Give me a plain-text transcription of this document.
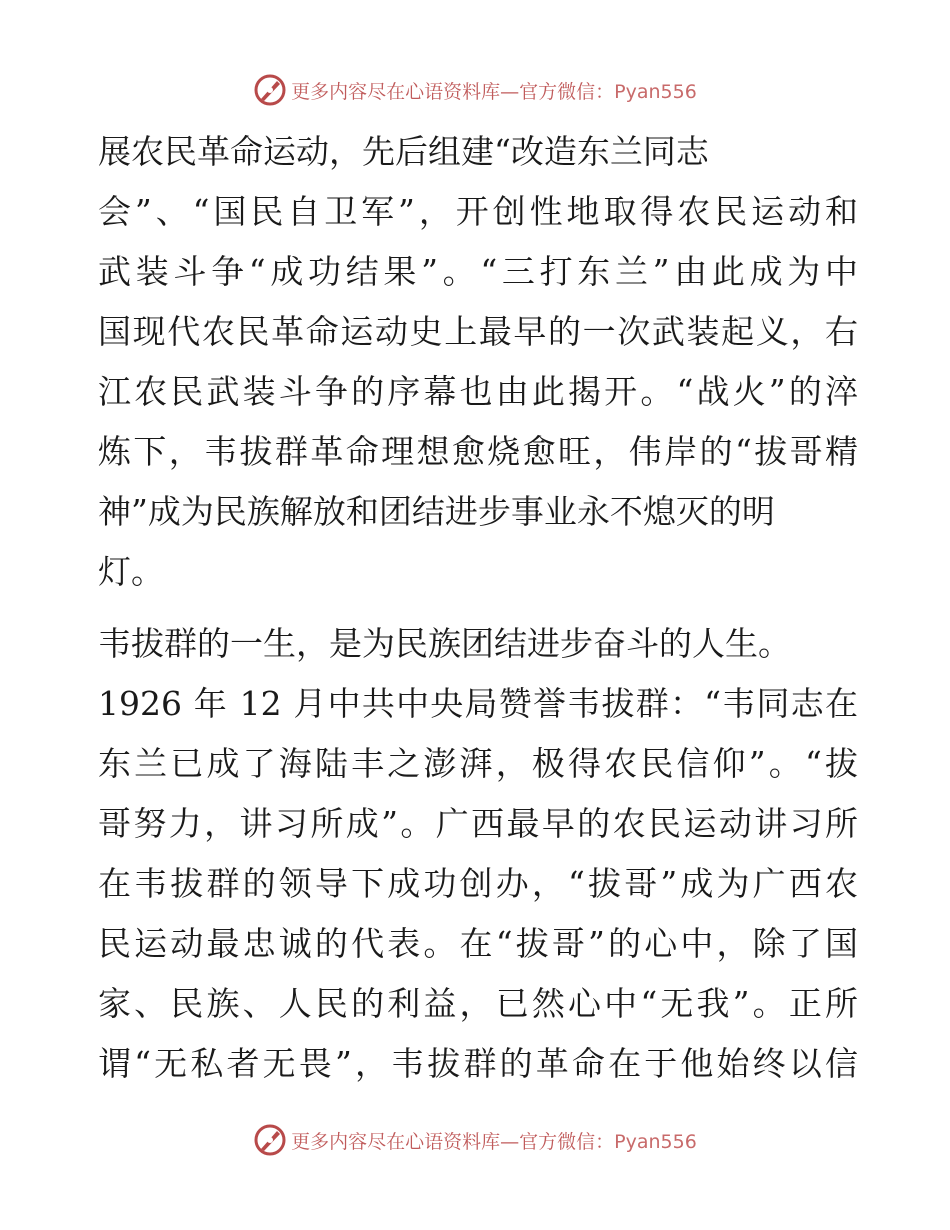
更多内容尽在心语资料库—官方微信：Pyan556
展农民革命运动，先后组建“改造东兰同志
会”、“国民自卫军”，开创性地取得农民运动和
武装斗争“成功结果”。“三打东兰”由此成为中
国现代农民革命运动史上最早的一次武装起义，右
江农民武装斗争的序幕也由此揭开。“战火”的淬
炼下，韦拔群革命理想愈烧愈旺，伟岸的“拔哥精
神”成为民族解放和团结进步事业永不熄灭的明
灯。
韦拔群的一生，是为民族团结进步奋斗的人生。
1926 年 12 月中共中央局赞誉韦拔群：“韦同志在
东兰已成了海陆丰之澎湃，极得农民信仰”。“拔
哥努力，讲习所成”。广西最早的农民运动讲习所
在韦拔群的领导下成功创办，“拔哥”成为广西农
民运动最忠诚的代表。在“拔哥”的心中，除了国
家、民族、人民的利益，已然心中“无我”。正所
谓“无私者无畏”，韦拔群的革命在于他始终以信
更多内容尽在心语资料库—官方微信：Pyan556
